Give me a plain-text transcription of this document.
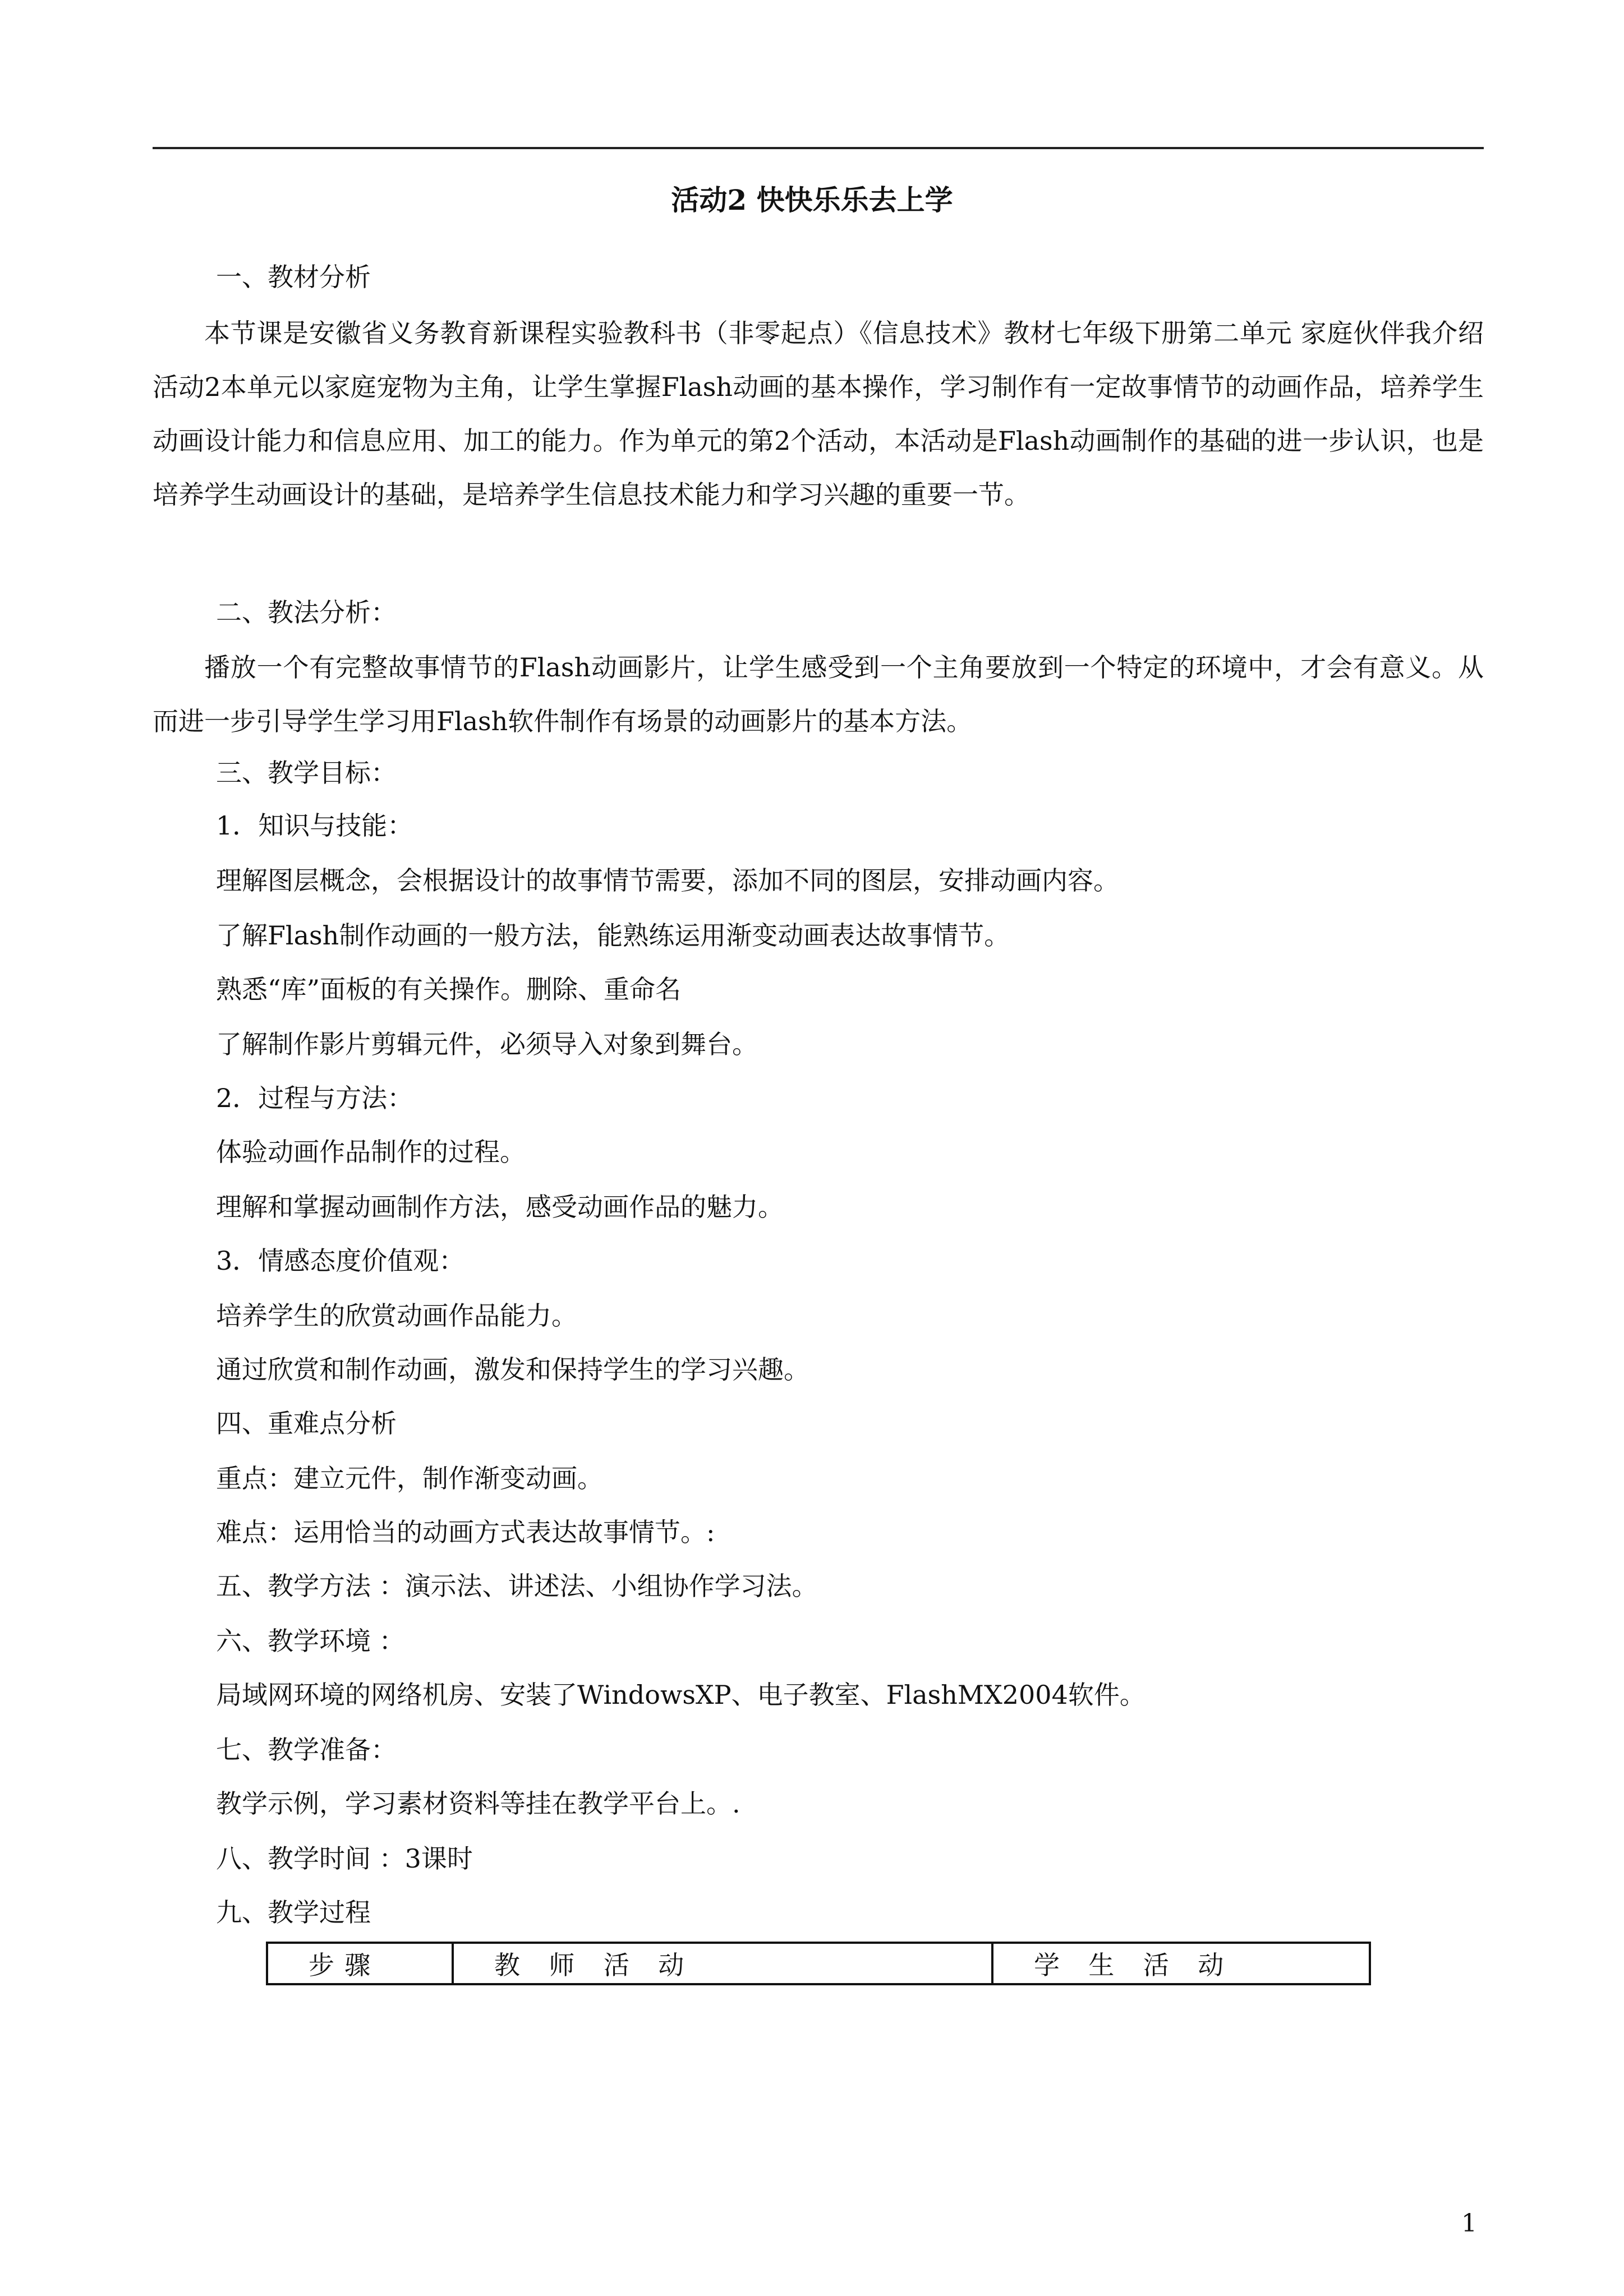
活动2 快快乐乐去上学
一、教材分析
本节课是安徽省义务教育新课程实验教科书（非零起点）《信息技术》教材七年级下册第二单元 家庭伙伴我介绍活动2本单元以家庭宠物为主角，让学生掌握Flash动画的基本操作，学习制作有一定故事情节的动画作品，培养学生动画设计能力和信息应用、加工的能力。作为单元的第2个活动，本活动是Flash动画制作的基础的进一步认识，也是培养学生动画设计的基础，是培养学生信息技术能力和学习兴趣的重要一节。
二、教法分析：
播放一个有完整故事情节的Flash动画影片，让学生感受到一个主角要放到一个特定的环境中，才会有意义。从而进一步引导学生学习用Flash软件制作有场景的动画影片的基本方法。
三、教学目标：
1．知识与技能：
理解图层概念，会根据设计的故事情节需要，添加不同的图层，安排动画内容。
了解Flash制作动画的一般方法，能熟练运用渐变动画表达故事情节。
熟悉“库”面板的有关操作。删除、重命名
了解制作影片剪辑元件，必须导入对象到舞台。
2．过程与方法：
体验动画作品制作的过程。
理解和掌握动画制作方法，感受动画作品的魅力。
3．情感态度价值观：
培养学生的欣赏动画作品能力。
通过欣赏和制作动画，激发和保持学生的学习兴趣。
四、重难点分析
重点：建立元件，制作渐变动画。
难点：运用恰当的动画方式表达故事情节。:
五、教学方法 ：演示法、讲述法、小组协作学习法。
六、教学环境 ：
局域网环境的网络机房、安装了WindowsXP、电子教室、FlashMX2004软件。
七、教学准备：
教学示例，学习素材资料等挂在教学平台上。.
八、教学时间 ：3课时
九、教学过程
步骤	教 师 活 动	学 生 活 动
1
